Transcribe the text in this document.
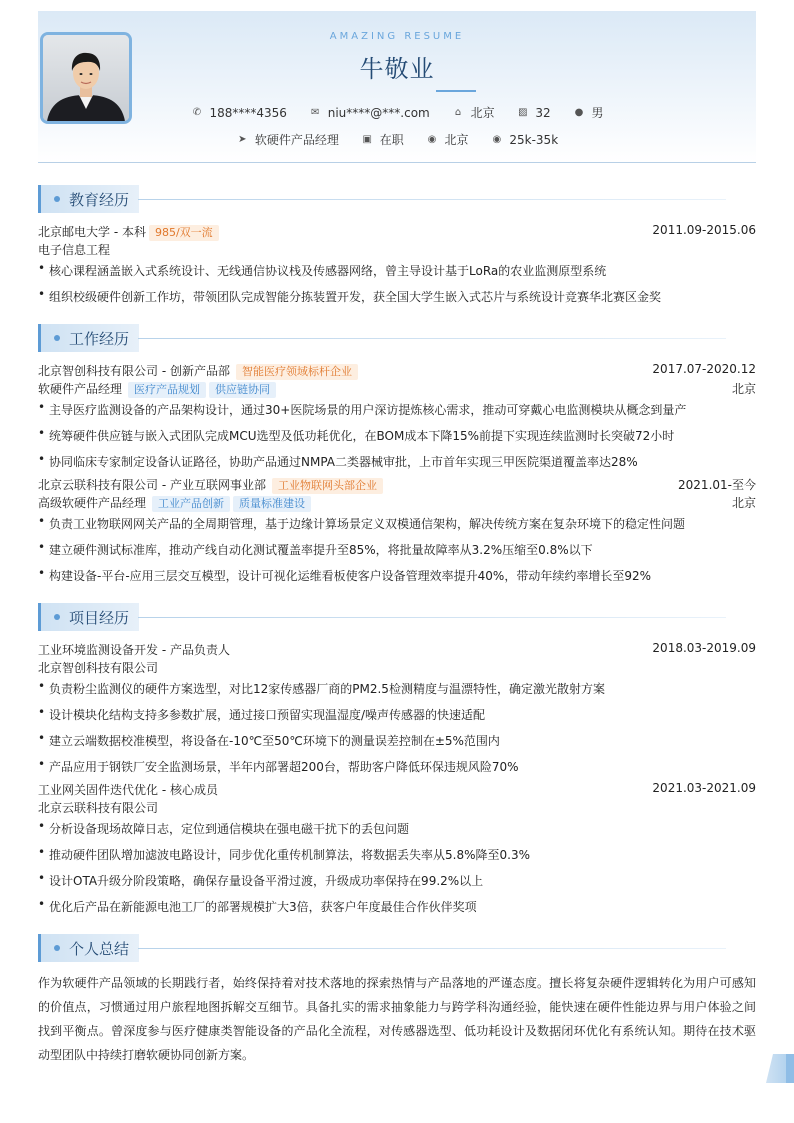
AMAZING RESUME
牛敬业
✆ 188****4356
✉ niu****@***.com
	⌂ 北京
▨ 32
● 男
➤ 软硬件产品经理
▣ 在职
◉ 北京
◉ 25k-35k
教育经历
北京邮电大学 - 本科 985/双一流	2011.09-2015.06
电子信息工程
• 核心课程涵盖嵌入式系统设计、无线通信协议栈及传感器网络，曾主导设计基于LoRa的农业监测原型系统
• 组织校级硬件创新工作坊，带领团队完成智能分拣装置开发，获全国大学生嵌入式芯片与系统设计竞赛华北赛区金奖
工作经历
北京智创科技有限公司 - 创新产品部 智能医疗领域标杆企业	2017.07-2020.12
软硬件产品经理 医疗产品规划 供应链协同	北京
• 主导医疗监测设备的产品架构设计，通过30+医院场景的用户深访提炼核心需求，推动可穿戴心电监测模块从概念到量产
• 统筹硬件供应链与嵌入式团队完成MCU选型及低功耗优化，在BOM成本下降15%前提下实现连续监测时长突破72小时
• 协同临床专家制定设备认证路径，协助产品通过NMPA二类器械审批，上市首年实现三甲医院渠道覆盖率达28%
北京云联科技有限公司 - 产业互联网事业部 工业物联网头部企业	2021.01-至今
高级软硬件产品经理 工业产品创新 质量标准建设	北京
• 负责工业物联网网关产品的全周期管理，基于边缘计算场景定义双模通信架构，解决传统方案在复杂环境下的稳定性问题
• 建立硬件测试标准库，推动产线自动化测试覆盖率提升至85%，将批量故障率从3.2%压缩至0.8%以下
• 构建设备-平台-应用三层交互模型，设计可视化运维看板使客户设备管理效率提升40%，带动年续约率增长至92%
项目经历
工业环境监测设备开发 - 产品负责人	2018.03-2019.09
北京智创科技有限公司
• 负责粉尘监测仪的硬件方案选型，对比12家传感器厂商的PM2.5检测精度与温漂特性，确定激光散射方案
• 设计模块化结构支持多参数扩展，通过接口预留实现温湿度/噪声传感器的快速适配
• 建立云端数据校准模型，将设备在-10℃至50℃环境下的测量误差控制在±5%范围内
• 产品应用于钢铁厂安全监测场景，半年内部署超200台，帮助客户降低环保违规风险70%
工业网关固件迭代优化 - 核心成员	2021.03-2021.09
北京云联科技有限公司
• 分析设备现场故障日志，定位到通信模块在强电磁干扰下的丢包问题
• 推动硬件团队增加滤波电路设计，同步优化重传机制算法，将数据丢失率从5.8%降至0.3%
• 设计OTA升级分阶段策略，确保存量设备平滑过渡，升级成功率保持在99.2%以上
• 优化后产品在新能源电池工厂的部署规模扩大3倍，获客户年度最佳合作伙伴奖项
个人总结
作为软硬件产品领域的长期践行者，始终保持着对技术落地的探索热情与产品落地的严谨态度。擅长将复杂硬件逻辑转化为用户可感知的价值点，习惯通过用户旅程地图拆解交互细节。具备扎实的需求抽象能力与跨学科沟通经验，能快速在硬件性能边界与用户体验之间找到平衡点。曾深度参与医疗健康类智能设备的产品化全流程，对传感器选型、低功耗设计及数据闭环优化有系统认知。期待在技术驱动型团队中持续打磨软硬协同创新方案。
